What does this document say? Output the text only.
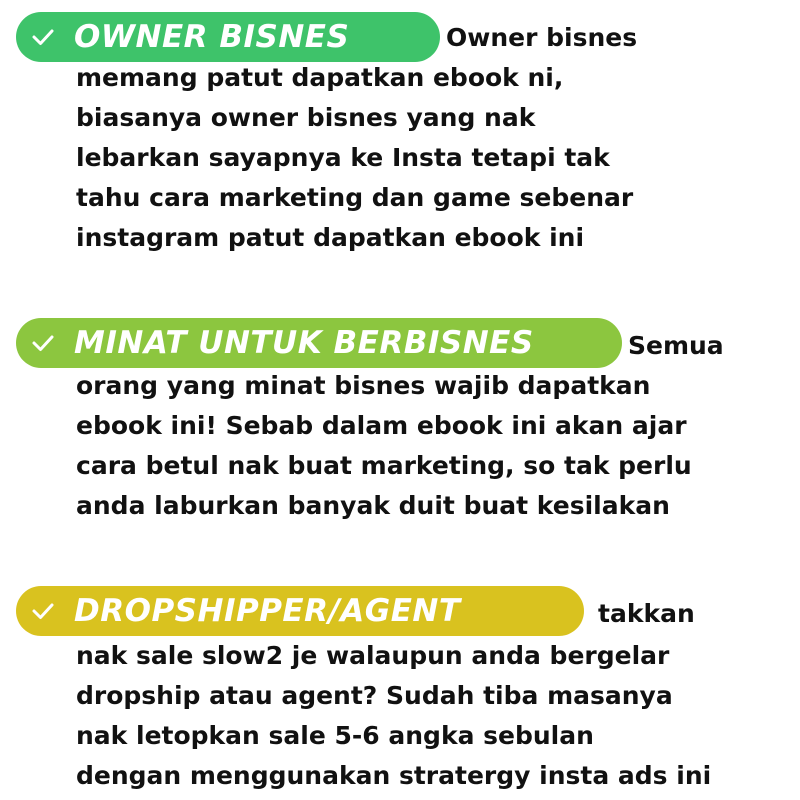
OWNER BISNES	Owner bisnes
memang patut dapatkan ebook ni,
biasanya owner bisnes yang nak
lebarkan sayapnya ke Insta tetapi tak
tahu cara marketing dan game sebenar
instagram patut dapatkan ebook ini
MINAT UNTUK BERBISNES	Semua
orang yang minat bisnes wajib dapatkan
ebook ini! Sebab dalam ebook ini akan ajar
cara betul nak buat marketing, so tak perlu
anda laburkan banyak duit buat kesilakan
DROPSHIPPER/AGENT	takkan
nak sale slow2 je walaupun anda bergelar
dropship atau agent? Sudah tiba masanya
nak letopkan sale 5-6 angka sebulan
dengan menggunakan stratergy insta ads ini
